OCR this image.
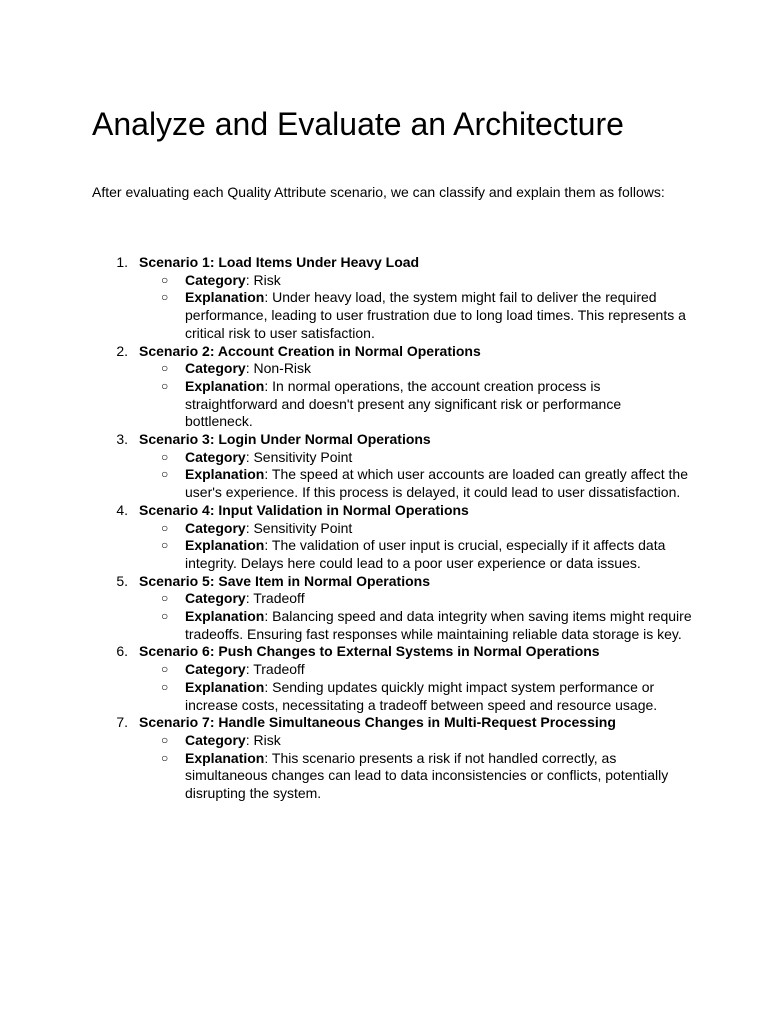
Analyze and Evaluate an Architecture

After evaluating each Quality Attribute scenario, we can classify and explain them as follows:

1. Scenario 1: Load Items Under Heavy Load
○ Category: Risk
○ Explanation: Under heavy load, the system might fail to deliver the required performance, leading to user frustration due to long load times. This represents a critical risk to user satisfaction.
2. Scenario 2: Account Creation in Normal Operations
○ Category: Non-Risk
○ Explanation: In normal operations, the account creation process is straightforward and doesn't present any significant risk or performance bottleneck.
3. Scenario 3: Login Under Normal Operations
○ Category: Sensitivity Point
○ Explanation: The speed at which user accounts are loaded can greatly affect the user's experience. If this process is delayed, it could lead to user dissatisfaction.
4. Scenario 4: Input Validation in Normal Operations
○ Category: Sensitivity Point
○ Explanation: The validation of user input is crucial, especially if it affects data integrity. Delays here could lead to a poor user experience or data issues.
5. Scenario 5: Save Item in Normal Operations
○ Category: Tradeoff
○ Explanation: Balancing speed and data integrity when saving items might require tradeoffs. Ensuring fast responses while maintaining reliable data storage is key.
6. Scenario 6: Push Changes to External Systems in Normal Operations
○ Category: Tradeoff
○ Explanation: Sending updates quickly might impact system performance or increase costs, necessitating a tradeoff between speed and resource usage.
7. Scenario 7: Handle Simultaneous Changes in Multi-Request Processing
○ Category: Risk
○ Explanation: This scenario presents a risk if not handled correctly, as simultaneous changes can lead to data inconsistencies or conflicts, potentially disrupting the system.
